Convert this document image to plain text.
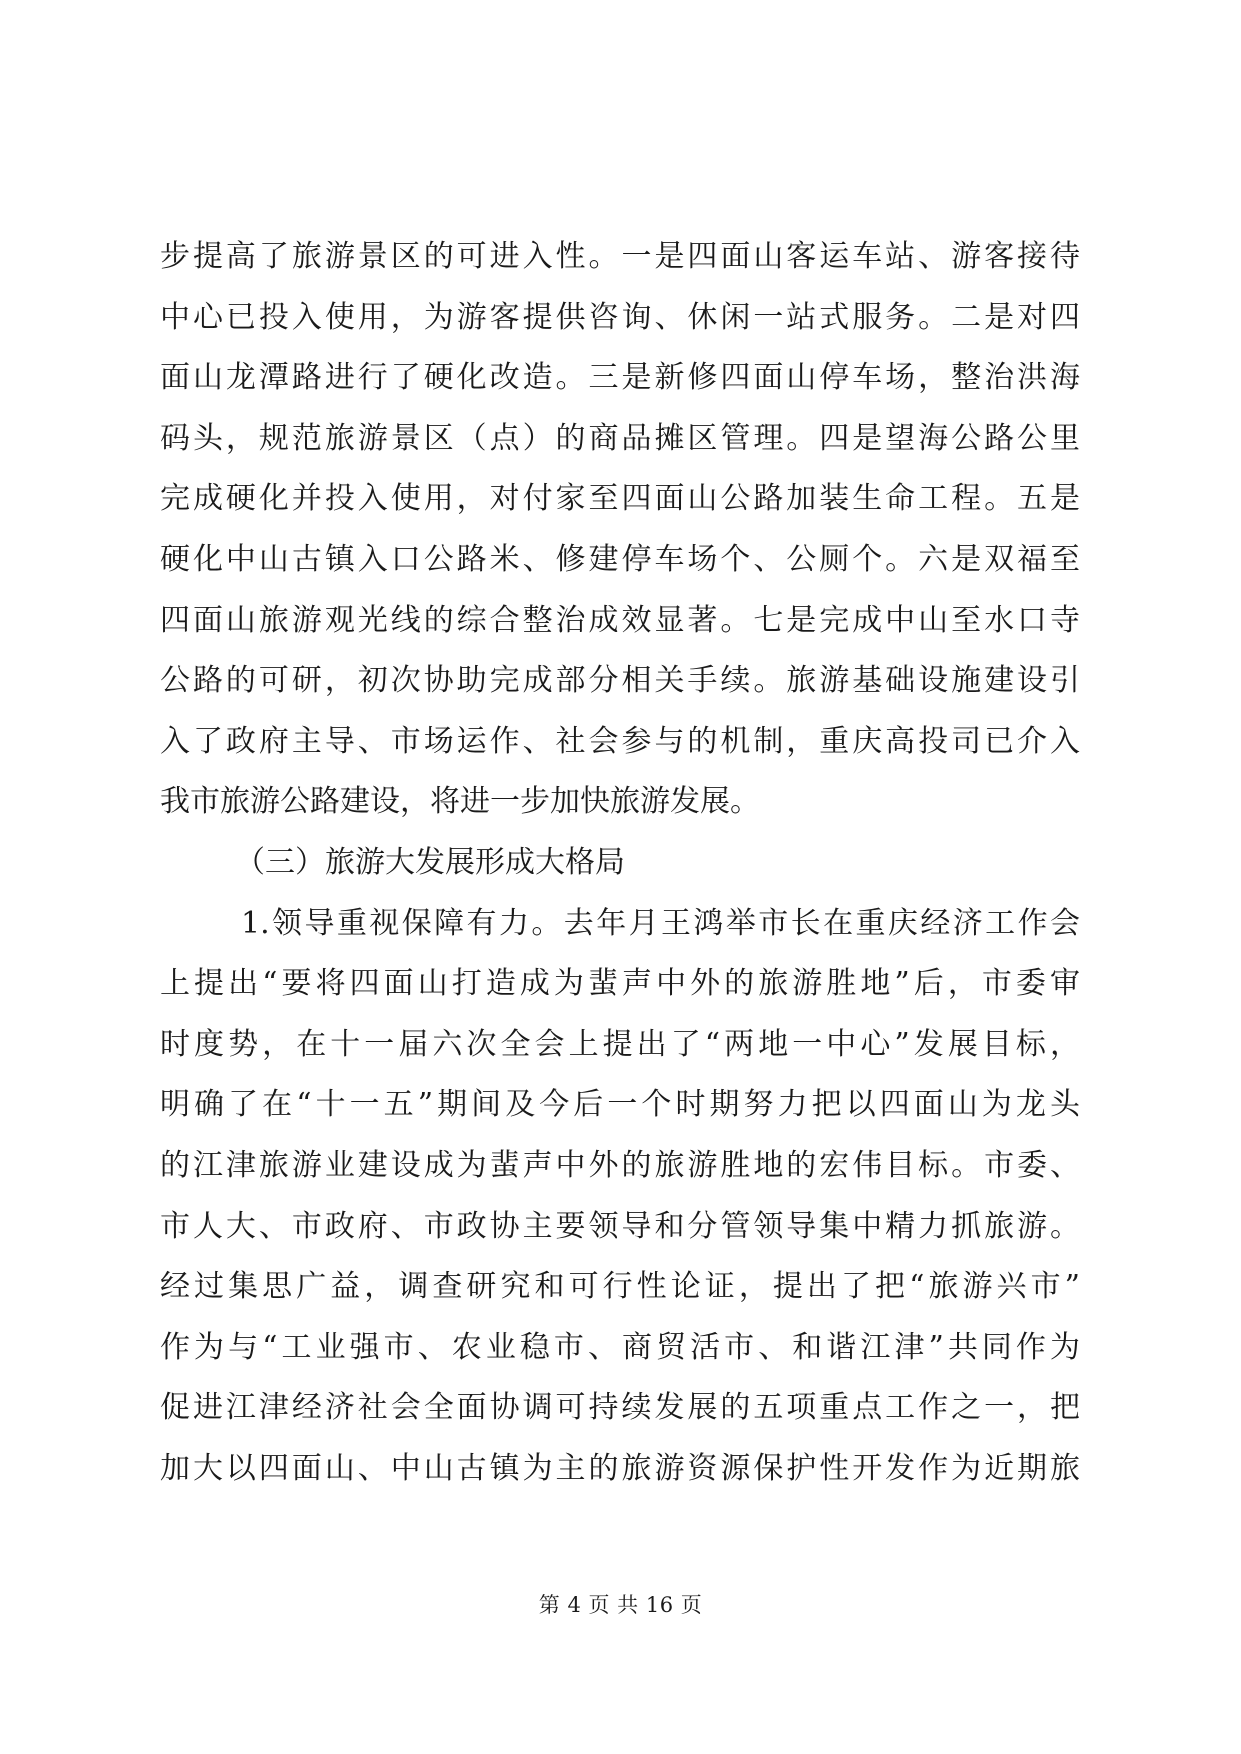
步提高了旅游景区的可进入性。一是四面山客运车站、游客接待
中心已投入使用，为游客提供咨询、休闲一站式服务。二是对四
面山龙潭路进行了硬化改造。三是新修四面山停车场，整治洪海
码头，规范旅游景区（点）的商品摊区管理。四是望海公路公里
完成硬化并投入使用，对付家至四面山公路加装生命工程。五是
硬化中山古镇入口公路米、修建停车场个、公厕个。六是双福至
四面山旅游观光线的综合整治成效显著。七是完成中山至水口寺
公路的可研，初次协助完成部分相关手续。旅游基础设施建设引
入了政府主导、市场运作、社会参与的机制，重庆高投司已介入
我市旅游公路建设，将进一步加快旅游发展。
（三）旅游大发展形成大格局
1.领导重视保障有力。去年月王鸿举市长在重庆经济工作会
上提出“要将四面山打造成为蜚声中外的旅游胜地”后，市委审
时度势，在十一届六次全会上提出了“两地一中心”发展目标，
明确了在“十一五”期间及今后一个时期努力把以四面山为龙头
的江津旅游业建设成为蜚声中外的旅游胜地的宏伟目标。市委、
市人大、市政府、市政协主要领导和分管领导集中精力抓旅游。
经过集思广益，调查研究和可行性论证，提出了把“旅游兴市”
作为与“工业强市、农业稳市、商贸活市、和谐江津”共同作为
促进江津经济社会全面协调可持续发展的五项重点工作之一，把
加大以四面山、中山古镇为主的旅游资源保护性开发作为近期旅
第 4 页 共 16 页
